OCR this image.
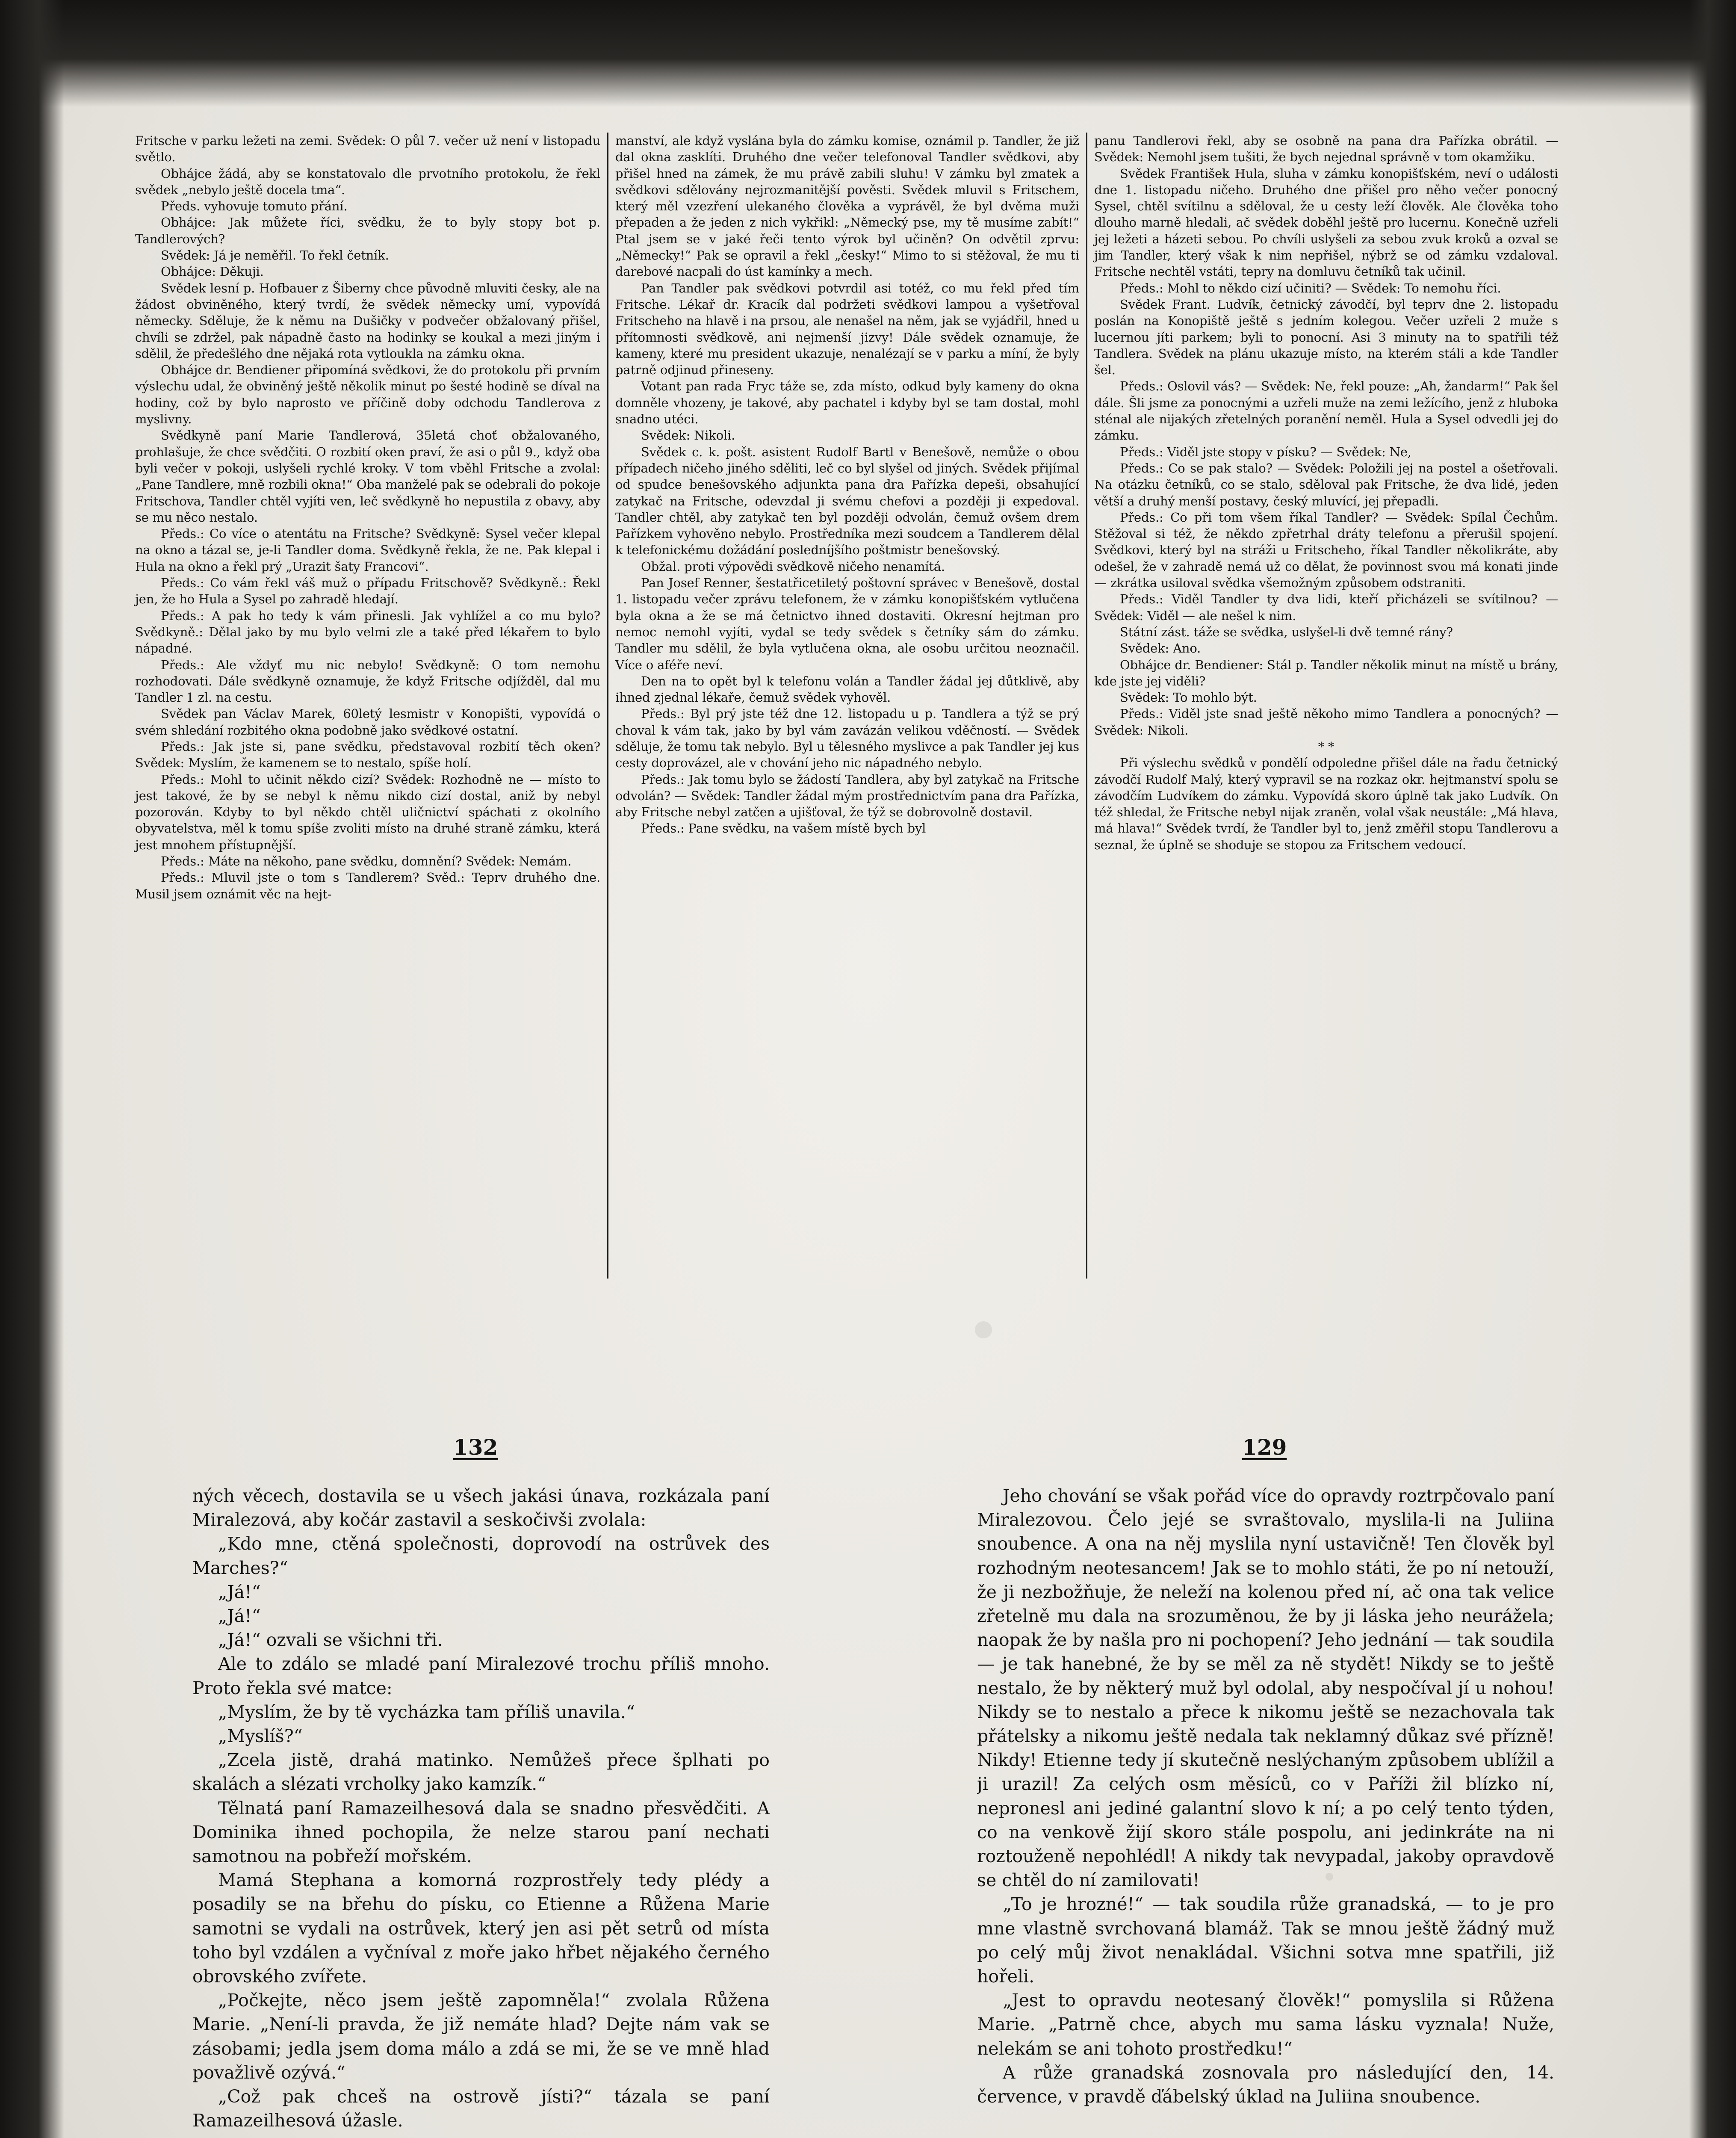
Fritsche v parku ležeti na zemi. Svědek: O půl 7. večer už není v listopadu světlo.

Obhájce žádá, aby se konstatovalo dle prvotního protokolu, že řekl svědek „nebylo ještě docela tma“.

Předs. vyhovuje tomuto přání.

Obhájce: Jak můžete říci, svědku, že to byly stopy bot p. Tandlerových?

Svědek: Já je neměřil. To řekl četník.

Obhájce: Děkuji.

Svědek lesní p. Hofbauer z Šiberny chce původně mluviti česky, ale na žádost obviněného, který tvrdí, že svědek německy umí, vypovídá německy. Sděluje, že k němu na Dušičky v podvečer obžalovaný přišel, chvíli se zdržel, pak nápadně často na hodinky se koukal a mezi jiným i sdělil, že předešlého dne nějaká rota vytloukla na zámku okna.

Obhájce dr. Bendiener připomíná svědkovi, že do protokolu při prvním výslechu udal, že obviněný ještě několik minut po šesté hodině se díval na hodiny, což by bylo naprosto ve příčině doby odchodu Tandlerova z myslivny.

Svědkyně paní Marie Tandlerová, 35letá choť obžalovaného, prohlašuje, že chce svědčiti. O rozbití oken praví, že asi o půl 9., když oba byli večer v pokoji, uslyšeli rychlé kroky. V tom vběhl Fritsche a zvolal: „Pane Tandlere, mně rozbili okna!“ Oba manželé pak se odebrali do pokoje Fritschova, Tandler chtěl vyjíti ven, leč svědkyně ho nepustila z obavy, aby se mu něco nestalo.

Předs.: Co více o atentátu na Fritsche? Svědkyně: Sysel večer klepal na okno a tázal se, je-li Tandler doma. Svědkyně řekla, že ne. Pak klepal i Hula na okno a řekl prý „Urazit šaty Francovi“.

Předs.: Co vám řekl váš muž o případu Fritschově? Svědkyně.: Řekl jen, že ho Hula a Sysel po zahradě hledají.

Předs.: A pak ho tedy k vám přinesli. Jak vyhlížel a co mu bylo? Svědkyně.: Dělal jako by mu bylo velmi zle a také před lékařem to bylo nápadné.

Předs.: Ale vždyť mu nic nebylo! Svědkyně: O tom nemohu rozhodovati. Dále svědkyně oznamuje, že když Fritsche odjížděl, dal mu Tandler 1 zl. na cestu.

Svědek pan Václav Marek, 60letý lesmistr v Konopišti, vypovídá o svém shledání rozbitého okna podobně jako svědkové ostatní.

Předs.: Jak jste si, pane svědku, představoval rozbití těch oken? Svědek: Myslím, že kamenem se to nestalo, spíše holí.

Předs.: Mohl to učinit někdo cizí? Svědek: Rozhodně ne — místo to jest takové, že by se nebyl k němu nikdo cizí dostal, aniž by nebyl pozorován. Kdyby to byl někdo chtěl uličnictví spáchati z okolního obyvatelstva, měl k tomu spíše zvoliti místo na druhé straně zámku, která jest mnohem přístupnější.

Předs.: Máte na někoho, pane svědku, domnění? Svědek: Nemám.

Předs.: Mluvil jste o tom s Tandlerem? Svěd.: Teprv druhého dne. Musil jsem oznámit věc na hejt-

manství, ale když vyslána byla do zámku komise, oznámil p. Tandler, že již dal okna zasklíti. Druhého dne večer telefonoval Tandler svědkovi, aby přišel hned na zámek, že mu právě zabili sluhu! V zámku byl zmatek a svědkovi sdělovány nejrozmanitější pověsti. Svědek mluvil s Fritschem, který měl vzezření ulekaného člověka a vyprávěl, že byl dvěma muži přepaden a že jeden z nich vykřikl: „Německý pse, my tě musíme zabít!“ Ptal jsem se v jaké řeči tento výrok byl učiněn? On odvětil zprvu: „Německy!“ Pak se opravil a řekl „česky!“ Mimo to si stěžoval, že mu ti darebové nacpali do úst kamínky a mech.

Pan Tandler pak svědkovi potvrdil asi totéž, co mu řekl před tím Fritsche. Lékař dr. Kracík dal podržeti svědkovi lampou a vyšetřoval Fritscheho na hlavě i na prsou, ale nenašel na něm, jak se vyjádřil, hned u přítomnosti svědkově, ani nejmenší jizvy! Dále svědek oznamuje, že kameny, které mu president ukazuje, nenalézají se v parku a míní, že byly patrně odjinud přineseny.

Votant pan rada Fryc táže se, zda místo, odkud byly kameny do okna domněle vhozeny, je takové, aby pachatel i kdyby byl se tam dostal, mohl snadno utéci.

Svědek: Nikoli.

Svědek c. k. pošt. asistent Rudolf Bartl v Benešově, nemůže o obou případech ničeho jiného sděliti, leč co byl slyšel od jiných. Svědek přijímal od spudce benešovského adjunkta pana dra Pařízka depeši, obsahující zatykač na Fritsche, odevzdal ji svému chefovi a později ji expedoval. Tandler chtěl, aby zatykač ten byl později odvolán, čemuž ovšem drem Pařízkem vyhověno nebylo. Prostředníka mezi soudcem a Tandlerem dělal k telefonickému dožádání posledníjšího poštmistr benešovský.

Obžal. proti výpovědi svědkově ničeho nenamítá.

Pan Josef Renner, šestatřicetiletý poštovní správec v Benešově, dostal 1. listopadu večer zprávu telefonem, že v zámku konopišťském vytlučena byla okna a že se má četnictvo ihned dostaviti. Okresní hejtman pro nemoc nemohl vyjíti, vydal se tedy svědek s četníky sám do zámku. Tandler mu sdělil, že byla vytlučena okna, ale osobu určitou neoznačil. Více o aféře neví.

Den na to opět byl k telefonu volán a Tandler žádal jej důtklivě, aby ihned zjednal lékaře, čemuž svědek vyhověl.

Předs.: Byl prý jste též dne 12. listopadu u p. Tandlera a týž se prý choval k vám tak, jako by byl vám zavázán velikou vděčností. — Svědek sděluje, že tomu tak nebylo. Byl u tělesného myslivce a pak Tandler jej kus cesty doprovázel, ale v chování jeho nic nápadného nebylo.

Předs.: Jak tomu bylo se žádostí Tandlera, aby byl zatykač na Fritsche odvolán? — Svědek: Tandler žádal mým prostřednictvím pana dra Pařízka, aby Fritsche nebyl zatčen a ujišťoval, že týž se dobrovolně dostavil.

Předs.: Pane svědku, na vašem místě bych byl

panu Tandlerovi řekl, aby se osobně na pana dra Pařízka obrátil. — Svědek: Nemohl jsem tušiti, že bych nejednal správně v tom okamžiku.

Svědek František Hula, sluha v zámku konopišťském, neví o události dne 1. listopadu ničeho. Druhého dne přišel pro něho večer ponocný Sysel, chtěl svítilnu a sděloval, že u cesty leží člověk. Ale člověka toho dlouho marně hledali, ač svědek doběhl ještě pro lucernu. Konečně uzřeli jej ležeti a házeti sebou. Po chvíli uslyšeli za sebou zvuk kroků a ozval se jim Tandler, který však k nim nepřišel, nýbrž se od zámku vzdaloval. Fritsche nechtěl vstáti, tepry na domluvu četníků tak učinil.

Předs.: Mohl to někdo cizí učiniti? — Svědek: To nemohu říci.

Svědek Frant. Ludvík, četnický závodčí, byl teprv dne 2. listopadu poslán na Konopiště ještě s jedním kolegou. Večer uzřeli 2 muže s lucernou jíti parkem; byli to ponocní. Asi 3 minuty na to spatřili též Tandlera. Svědek na plánu ukazuje místo, na kterém stáli a kde Tandler šel.

Předs.: Oslovil vás? — Svědek: Ne, řekl pouze: „Ah, žandarm!“ Pak šel dále. Šli jsme za ponocnými a uzřeli muže na zemi ležícího, jenž z hluboka sténal ale nijakých zřetelných poranění neměl. Hula a Sysel odvedli jej do zámku.

Předs.: Viděl jste stopy v písku? — Svědek: Ne,

Předs.: Co se pak stalo? — Svědek: Položili jej na postel a ošetřovali. Na otázku četníků, co se stalo, sděloval pak Fritsche, že dva lidé, jeden větší a druhý menší postavy, český mluvící, jej přepadli.

Předs.: Co při tom všem říkal Tandler? — Svědek: Spílal Čechům. Stěžoval si též, že někdo zpřetrhal dráty telefonu a přerušil spojení. Svědkovi, který byl na stráži u Fritscheho, říkal Tandler několikráte, aby odešel, že v zahradě nemá už co dělat, že povinnost svou má konati jinde — zkrátka usiloval svědka všemožným způsobem odstraniti.

Předs.: Viděl Tandler ty dva lidi, kteří přicházeli se svítilnou? — Svědek: Viděl — ale nešel k nim.

Státní zást. táže se svědka, uslyšel-li dvě temné rány?

Svědek: Ano.

Obhájce dr. Bendiener: Stál p. Tandler několik minut na místě u brány, kde jste jej viděli?

Svědek: To mohlo být.

Předs.: Viděl jste snad ještě někoho mimo Tandlera a ponocných? — Svědek: Nikoli.

* *

Při výslechu svědků v pondělí odpoledne přišel dále na řadu četnický závodčí Rudolf Malý, který vypravil se na rozkaz okr. hejtmanství spolu se závodčím Ludvíkem do zámku. Vypovídá skoro úplně tak jako Ludvík. On též shledal, že Fritsche nebyl nijak zraněn, volal však neustále: „Má hlava, má hlava!“ Svědek tvrdí, že Tandler byl to, jenž změřil stopu Tandlerovu a seznal, že úplně se shoduje se stopou za Fritschem vedoucí.

132	129

ných věcech, dostavila se u všech jakási únava, rozkázala paní Miralezová, aby kočár zastavil a seskočivši zvolala:

„Kdo mne, ctěná společnosti, doprovodí na ostrůvek des Marches?“

„Já!“

„Já!“

„Já!“ ozvali se všichni tři.

Ale to zdálo se mladé paní Miralezové trochu příliš mnoho. Proto řekla své matce:

„Myslím, že by tě vycházka tam příliš unavila.“

„Myslíš?“

„Zcela jistě, drahá matinko. Nemůžeš přece šplhati po skalách a slézati vrcholky jako kamzík.“

Tělnatá paní Ramazeilhesová dala se snadno přesvědčiti. A Dominika ihned pochopila, že nelze starou paní nechati samotnou na pobřeží mořském.

Mamá Stephana a komorná rozprostřely tedy plédy a posadily se na břehu do písku, co Etienne a Růžena Marie samotni se vydali na ostrůvek, který jen asi pět setrů od místa toho byl vzdálen a vyčníval z moře jako hřbet nějakého černého obrovského zvířete.

„Počkejte, něco jsem ještě zapomněla!“ zvolala Růžena Marie. „Není-li pravda, že již nemáte hlad? Dejte nám vak se zásobami; jedla jsem doma málo a zdá se mi, že se ve mně hlad považlivě ozývá.“

„Což pak chceš na ostrově jísti?“ tázala se paní Ramazeilhesová úžasle.

Jeho chování se však pořád více do opravdy roztrpčovalo paní Miralezovou. Čelo jejé se svraštovalo, myslila-li na Juliina snoubence. A ona na něj myslila nyní ustavičně! Ten člověk byl rozhodným neotesancem! Jak se to mohlo státi, že po ní netouží, že ji nezbožňuje, že neleží na kolenou před ní, ač ona tak velice zřetelně mu dala na srozuměnou, že by ji láska jeho neurážela; naopak že by našla pro ni pochopení? Jeho jednání — tak soudila — je tak hanebné, že by se měl za ně stydět! Nikdy se to ještě nestalo, že by některý muž byl odolal, aby nespočíval jí u nohou! Nikdy se to nestalo a přece k nikomu ještě se nezachovala tak přátelsky a nikomu ještě nedala tak neklamný důkaz své přízně! Nikdy! Etienne tedy jí skutečně neslýchaným způsobem ublížil a ji urazil! Za celých osm měsíců, co v Paříži žil blízko ní, nepronesl ani jediné galantní slovo k ní; a po celý tento týden, co na venkově žijí skoro stále pospolu, ani jedinkráte na ni roztouženě nepohlédl! A nikdy tak nevypadal, jakoby opravdově se chtěl do ní zamilovati!

„To je hrozné!“ — tak soudila růže granadská, — to je pro mne vlastně svrchovaná blamáž. Tak se mnou ještě žádný muž po celý můj život nenakládal. Všichni sotva mne spatřili, již hořeli.

„Jest to opravdu neotesaný člověk!“ pomyslila si Růžena Marie. „Patrně chce, abych mu sama lásku vyznala! Nuže, nelekám se ani tohoto prostředku!“

A růže granadská zosnovala pro následující den, 14. července, v pravdě ďábelský úklad na Juliina snoubence.
